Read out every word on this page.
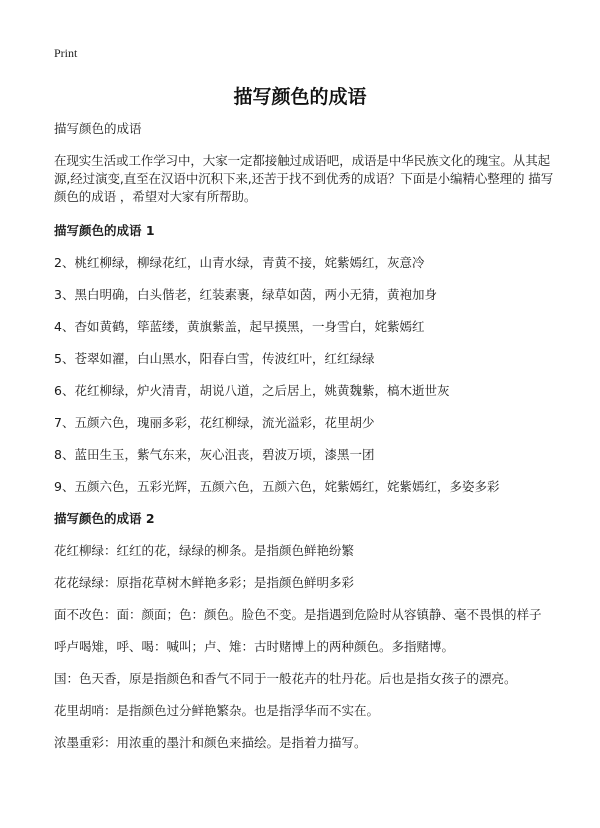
Print
描写颜色的成语

描写颜色的成语

在现实生活或工作学习中，大家一定都接触过成语吧，成语是中华民族文化的瑰宝。从其起源,经过演变,直至在汉语中沉积下来,还苦于找不到优秀的成语？下面是小编精心整理的 描写颜色的成语 ，希望对大家有所帮助。

描写颜色的成语 1

2、桃红柳绿，柳绿花红，山青水绿，青黄不接，姹紫嫣红，灰意冷
3、黑白明确，白头偕老，红装素裹，绿草如茵，两小无猜，黄袍加身
4、杳如黄鹤，筚蓝缕，黄旗紫盖，起早摸黑，一身雪白，姹紫嫣红
5、苍翠如濯，白山黑水，阳春白雪，传波红叶，红红绿绿
6、花红柳绿，炉火清青，胡说八道，之后居上，姚黄魏紫，槁木逝世灰
7、五颜六色，瑰丽多彩，花红柳绿，流光溢彩，花里胡少
8、蓝田生玉，紫气东来，灰心沮丧，碧波万顷，漆黑一团
9、五颜六色，五彩光辉，五颜六色，五颜六色，姹紫嫣红，姹紫嫣红，多姿多彩

描写颜色的成语 2

花红柳绿：红红的花，绿绿的柳条。是指颜色鲜艳纷繁

花花绿绿：原指花草树木鲜艳多彩；是指颜色鲜明多彩

面不改色：面：颜面；色：颜色。脸色不变。是指遇到危险时从容镇静、毫不畏惧的样子

呼卢喝雉，呼、喝：喊叫；卢、雉：古时赌博上的两种颜色。多指赌博。

国：色天香，原是指颜色和香气不同于一般花卉的牡丹花。后也是指女孩子的漂亮。

花里胡哨：是指颜色过分鲜艳繁杂。也是指浮华而不实在。

浓墨重彩：用浓重的墨汁和颜色来描绘。是指着力描写。
